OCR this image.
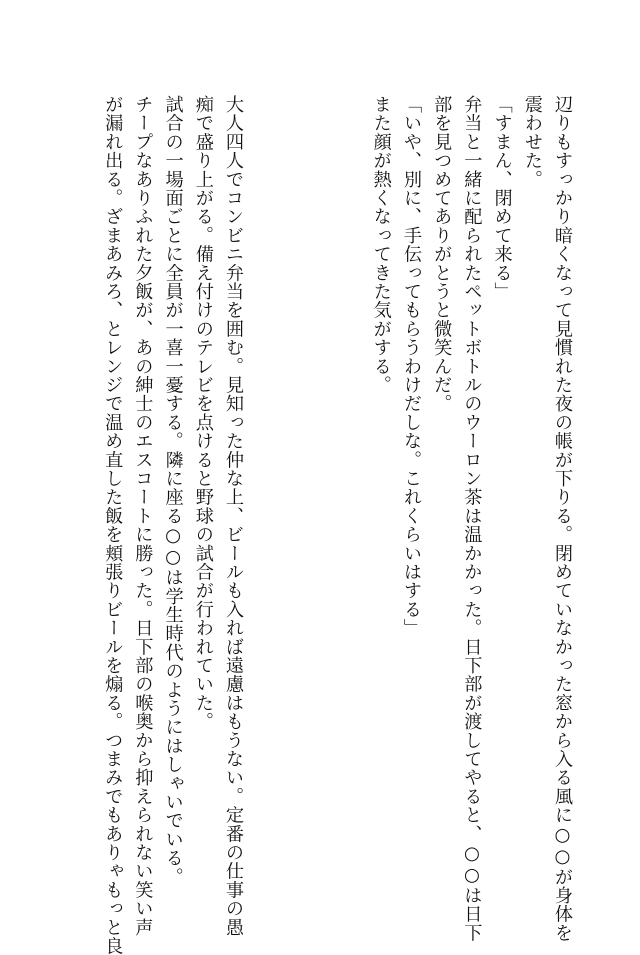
辺りもすっかり暗くなって見慣れた夜の帳が下りる。閉めていなかった窓から入る風に○○が身体を
震わせた。
「すまん、閉めて来る」
弁当と一緒に配られたペットボトルのウーロン茶は温かかった。日下部が渡してやると、○○は日下
部を見つめてありがとうと微笑んだ。
「いや、別に、手伝ってもらうわけだしな。これくらいはする」
また顔が熱くなってきた気がする。
大人四人でコンビニ弁当を囲む。見知った仲な上、ビールも入れば遠慮はもうない。定番の仕事の愚
痴で盛り上がる。備え付けのテレビを点けると野球の試合が行われていた。
試合の一場面ごとに全員が一喜一憂する。隣に座る○○は学生時代のようにはしゃいでいる。
チープなありふれた夕飯が、あの紳士のエスコートに勝った。日下部の喉奥から抑えられない笑い声
が漏れ出る。ざまあみろ、とレンジで温め直した飯を頬張りビールを煽る。つまみでもありゃもっと良
